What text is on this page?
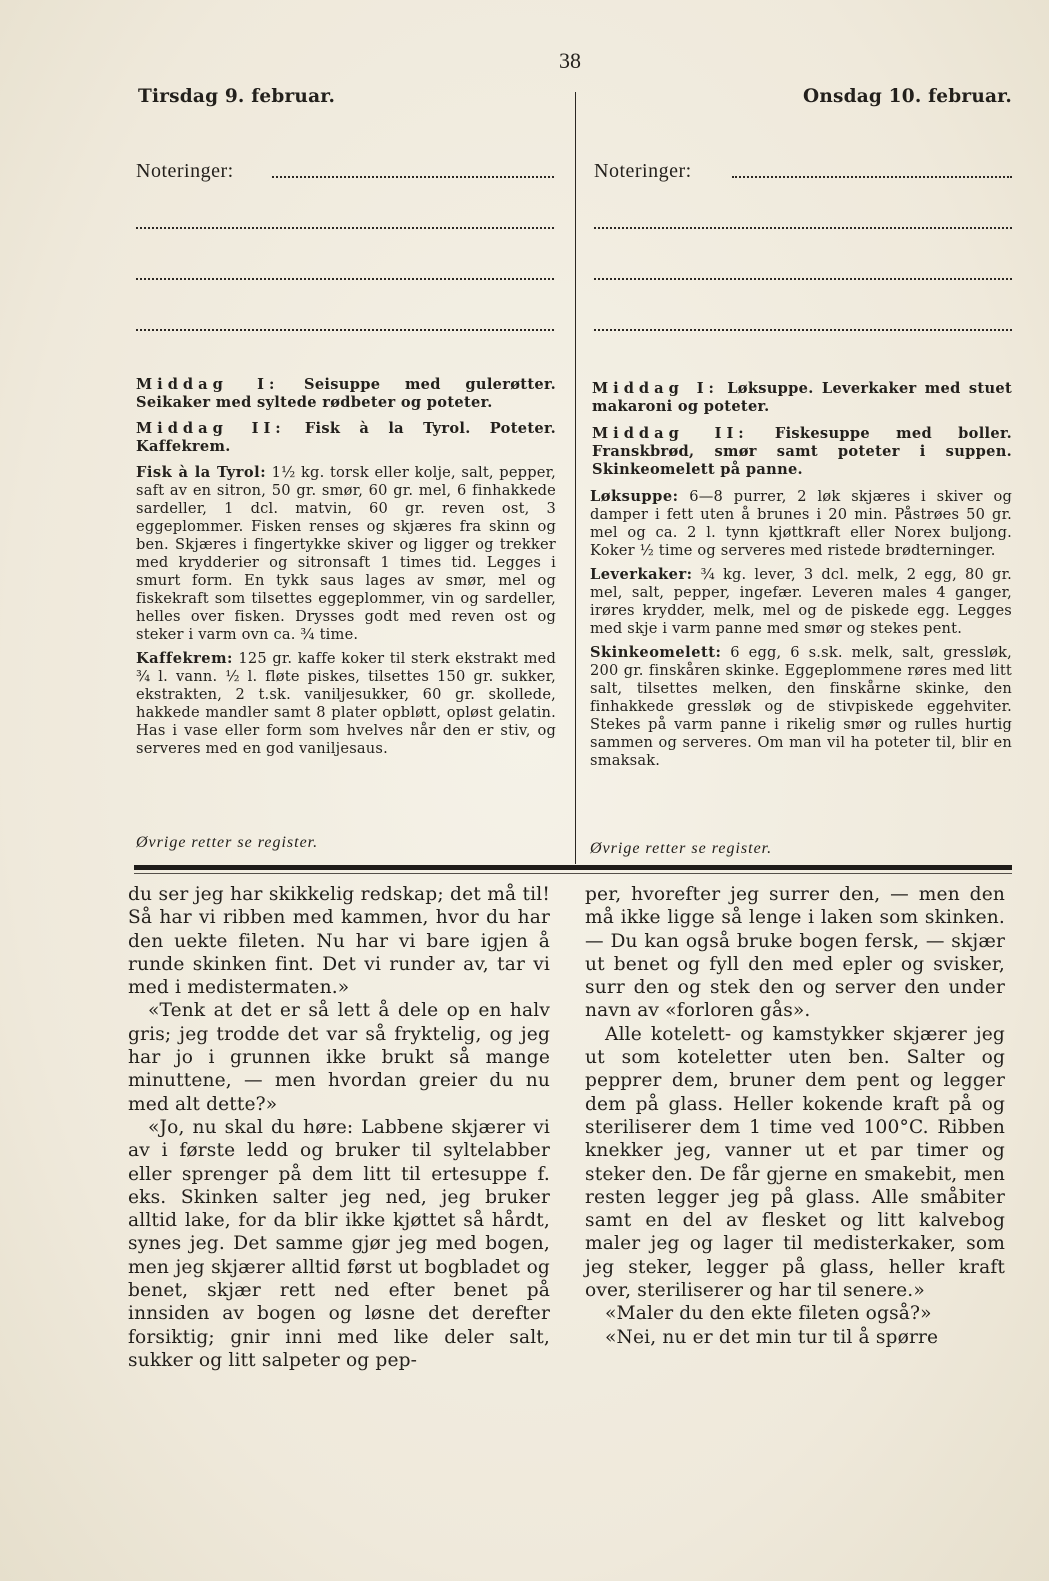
38
Tirsdag 9. februar.	Onsdag 10. februar.
Noteringer:	Noteringer:
Middag I: Seisuppe med gulerøtter. Seikaker med syltede rødbeter og poteter.
Middag II: Fisk à la Tyrol. Poteter. Kaffekrem.

Fisk à la Tyrol: 1½ kg. torsk eller kolje, salt, pepper, saft av en sitron, 50 gr. smør, 60 gr. mel, 6 finhakkede sardeller, 1 dcl. matvin, 60 gr. reven ost, 3 eggeplommer. Fisken renses og skjæres fra skinn og ben. Skjæres i fingertykke skiver og ligger og trekker med krydderier og sitronsaft 1 times tid. Legges i smurt form. En tykk saus lages av smør, mel og fiskekraft som tilsettes eggeplommer, vin og sardeller, helles over fisken. Drysses godt med reven ost og steker i varm ovn ca. ¾ time.

Kaffekrem: 125 gr. kaffe koker til sterk ekstrakt med ¾ l. vann. ½ l. fløte piskes, tilsettes 150 gr. sukker, ekstrakten, 2 t.sk. vaniljesukker, 60 gr. skollede, hakkede mandler samt 8 plater opbløtt, opløst gelatin. Has i vase eller form som hvelves når den er stiv, og serveres med en god vaniljesaus.

Øvrige retter se register.
Middag I: Løksuppe. Leverkaker med stuet makaroni og poteter.
Middag II: Fiskesuppe med boller. Franskbrød, smør samt poteter i suppen. Skinkeomelett på panne.

Løksuppe: 6—8 purrer, 2 løk skjæres i skiver og damper i fett uten å brunes i 20 min. Påstrøes 50 gr. mel og ca. 2 l. tynn kjøttkraft eller Norex buljong. Koker ½ time og serveres med ristede brødterninger.

Leverkaker: ¾ kg. lever, 3 dcl. melk, 2 egg, 80 gr. mel, salt, pepper, ingefær. Leveren males 4 ganger, irøres krydder, melk, mel og de piskede egg. Legges med skje i varm panne med smør og stekes pent.

Skinkeomelett: 6 egg, 6 s.sk. melk, salt, gressløk, 200 gr. finskåren skinke. Eggeplommene røres med litt salt, tilsettes melken, den finskårne skinke, den finhakkede gressløk og de stivpiskede eggehviter. Stekes på varm panne i rikelig smør og rulles hurtig sammen og serveres. Om man vil ha poteter til, blir en smaksak.

Øvrige retter se register.

du ser jeg har skikkelig redskap; det må til! Så har vi ribben med kammen, hvor du har den uekte fileten. Nu har vi bare igjen å runde skinken fint. Det vi runder av, tar vi med i medistermaten.»

«Tenk at det er så lett å dele op en halv gris; jeg trodde det var så fryktelig, og jeg har jo i grunnen ikke brukt så mange minuttene, — men hvordan greier du nu med alt dette?»

«Jo, nu skal du høre: Labbene skjærer vi av i første ledd og bruker til syltelabber eller sprenger på dem litt til ertesuppe f. eks. Skinken salter jeg ned, jeg bruker alltid lake, for da blir ikke kjøttet så hårdt, synes jeg. Det samme gjør jeg med bogen, men jeg skjærer alltid først ut bogbladet og benet, skjær rett ned efter benet på innsiden av bogen og løsne det derefter forsiktig; gnir inni med like deler salt, sukker og litt salpeter og pep-

per, hvorefter jeg surrer den, — men den må ikke ligge så lenge i laken som skinken. — Du kan også bruke bogen fersk, — skjær ut benet og fyll den med epler og svisker, surr den og stek den og server den under navn av «forloren gås».

Alle kotelett- og kamstykker skjærer jeg ut som koteletter uten ben. Salter og pepprer dem, bruner dem pent og legger dem på glass. Heller kokende kraft på og steriliserer dem 1 time ved 100°C. Ribben knekker jeg, vanner ut et par timer og steker den. De får gjerne en smakebit, men resten legger jeg på glass. Alle småbiter samt en del av flesket og litt kalvebog maler jeg og lager til medisterkaker, som jeg steker, legger på glass, heller kraft over, steriliserer og har til senere.»

«Maler du den ekte fileten også?»

«Nei, nu er det min tur til å spørre
